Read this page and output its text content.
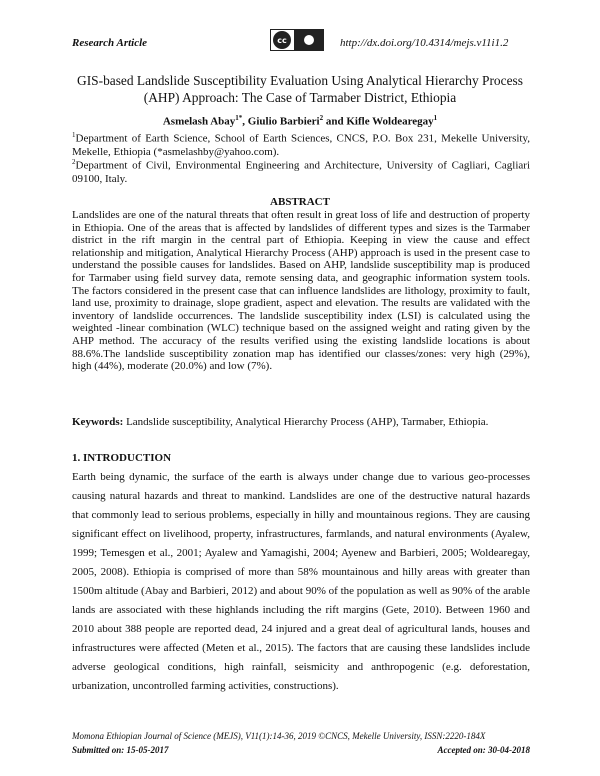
Research Article	cc	http://dx.doi.org/10.4314/mejs.v11i1.2
GIS-based Landslide Susceptibility Evaluation Using Analytical Hierarchy Process (AHP) Approach: The Case of Tarmaber District, Ethiopia
Asmelash Abay$^{1*}$, Giulio Barbieri$^2$ and Kifle Woldearegay$^1$
$^1$Department of Earth Science, School of Earth Sciences, CNCS, P.O. Box 231, Mekelle University, Mekelle, Ethiopia (*asmelashby@yahoo.com).
$^2$Department of Civil, Environmental Engineering and Architecture, University of Cagliari, Cagliari 09100, Italy.
ABSTRACT
Landslides are one of the natural threats that often result in great loss of life and destruction of property in Ethiopia. One of the areas that is affected by landslides of different types and sizes is the Tarmaber district in the rift margin in the central part of Ethiopia. Keeping in view the cause and effect relationship and mitigation, Analytical Hierarchy Process (AHP) approach is used in the present case to understand the possible causes for landslides. Based on AHP, landslide susceptibility map is produced for Tarmaber using field survey data, remote sensing data, and geographic information system tools. The factors considered in the present case that can influence landslides are lithology, proximity to fault, land use, proximity to drainage, slope gradient, aspect and elevation. The results are validated with the inventory of landslide occurrences. The landslide susceptibility index (LSI) is calculated using the weighted -linear combination (WLC) technique based on the assigned weight and rating given by the AHP method. The accuracy of the results verified using the existing landslide locations is about 88.6%.The landslide susceptibility zonation map has identified our classes/zones: very high (29%), high (44%), moderate (20.0%) and low (7%).
Keywords: Landslide susceptibility, Analytical Hierarchy Process (AHP), Tarmaber, Ethiopia.
1. INTRODUCTION
Earth being dynamic, the surface of the earth is always under change due to various geo-processes causing natural hazards and threat to mankind. Landslides are one of the destructive natural hazards that commonly lead to serious problems, especially in hilly and mountainous regions. They are causing significant effect on livelihood, property, infrastructures, farmlands, and natural environments (Ayalew, 1999; Temesgen et al., 2001; Ayalew and Yamagishi, 2004; Ayenew and Barbieri, 2005; Woldearegay, 2005, 2008). Ethiopia is comprised of more than 58% mountainous and hilly areas with greater than 1500m altitude (Abay and Barbieri, 2012) and about 90% of the population as well as 90% of the arable lands are associated with these highlands including the rift margins (Gete, 2010). Between 1960 and 2010 about 388 people are reported dead, 24 injured and a great deal of agricultural lands, houses and infrastructures were affected (Meten et al., 2015). The factors that are causing these landslides include adverse geological conditions, high rainfall, seismicity and anthropogenic (e.g. deforestation, urbanization, uncontrolled farming activities, constructions).
Momona Ethiopian Journal of Science (MEJS), V11(1):14-36, 2019 ©CNCS, Mekelle University, ISSN:2220-184X
Submitted on: 15-05-2017	Accepted on: 30-04-2018
